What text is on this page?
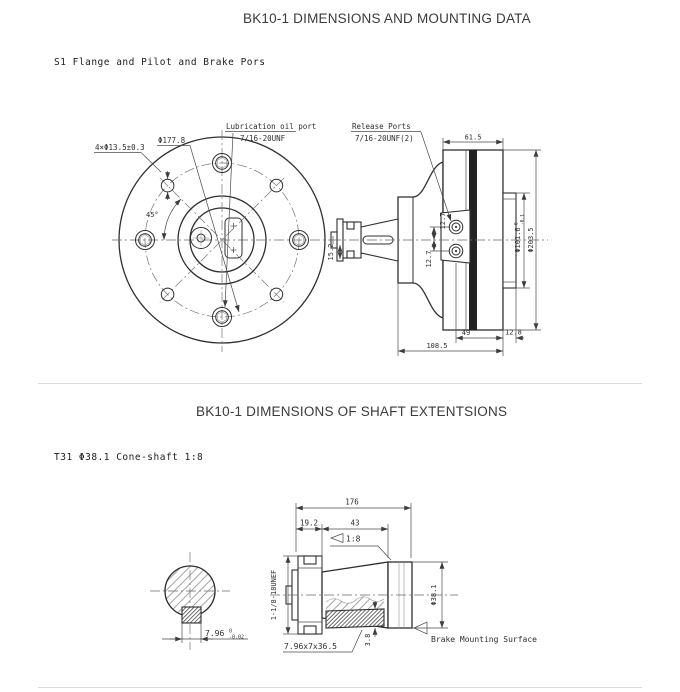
BK10-1 DIMENSIONS AND MOUNTING DATA
S1 Flange and Pilot and Brake Pors
BK10-1 DIMENSIONS OF SHAFT EXTENTSIONS
T31 Φ38.1 Cone-shaft 1:8
45°
4×Φ13.5±0.3
Φ177.8
Lubrication oil port
7/16-20UNF
Release Ports
7/16-20UNF(2)	61.5
12.7
12.7
15.2	Φ101.6
0 -0.1
Φ203.5
49	12.8
108.5
7.96 0
-0.02
176
19.2	43
1:8
1-1/8-18UNEF
7.96x7x36.5
3.8
Φ38.1
Brake Mounting Surface
